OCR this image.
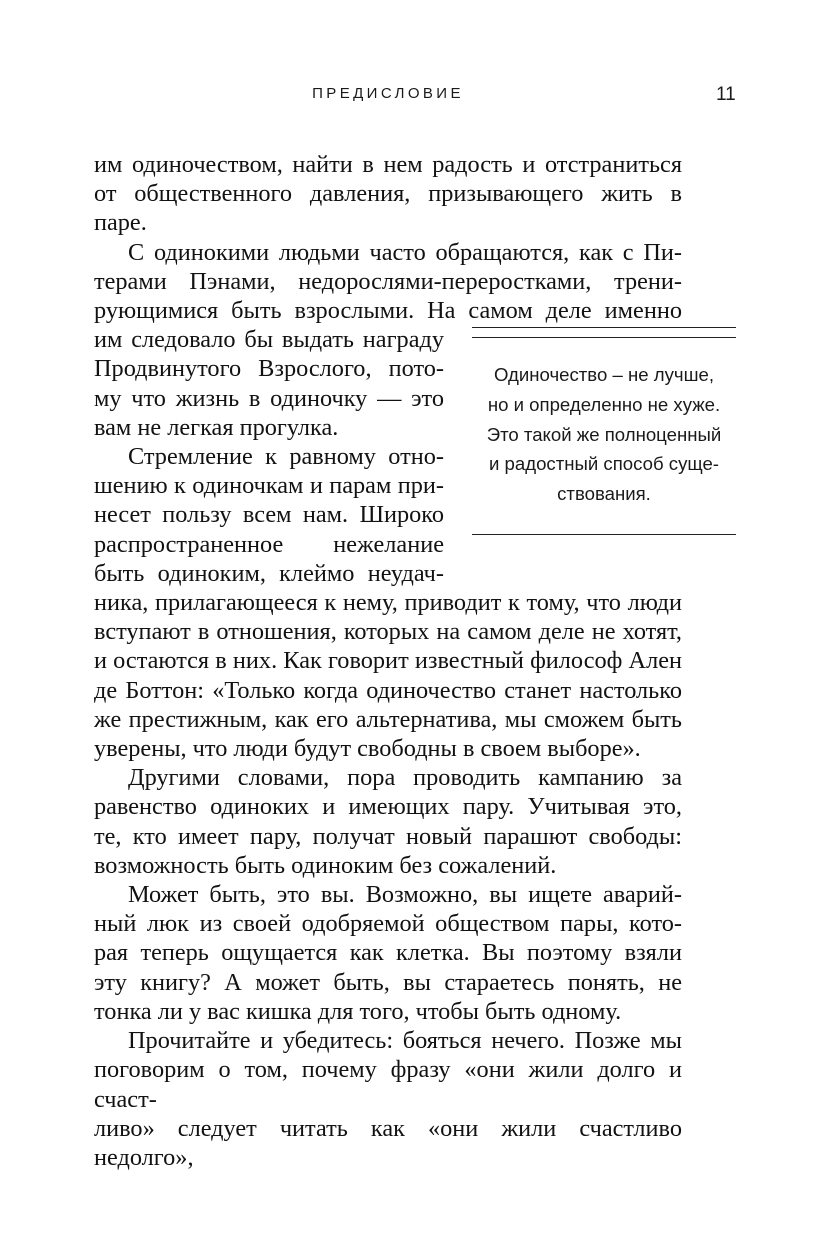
ПРЕДИСЛОВИЕ	11
им одиночеством, найти в нем радость и отстраниться
от общественного давления, призывающего жить в паре.
С одинокими людьми часто обращаются, как с Пи-
терами Пэнами, недорослями-переростками, трени-
рующимися быть взрослыми. На самом деле именно
им следовало бы выдать награду
Продвинутого Взрослого, пото-
му что жизнь в одиночку — это
вам не легкая прогулка.
Стремление к равному отно-
шению к одиночкам и парам при-
несет пользу всем нам. Широко
распространенное нежелание
быть одиноким, клеймо неудач-
ника, прилагающееся к нему, приводит к тому, что люди
вступают в отношения, которых на самом деле не хотят,
и остаются в них. Как говорит известный философ Ален
де Боттон: «Только когда одиночество станет настолько
же престижным, как его альтернатива, мы сможем быть
уверены, что люди будут свободны в своем выборе».
Другими словами, пора проводить кампанию за
равенство одиноких и имеющих пару. Учитывая это,
те, кто имеет пару, получат новый парашют свободы:
возможность быть одиноким без сожалений.
Может быть, это вы. Возможно, вы ищете аварий-
ный люк из своей одобряемой обществом пары, кото-
рая теперь ощущается как клетка. Вы поэтому взяли
эту книгу? А может быть, вы стараетесь понять, не
тонка ли у вас кишка для того, чтобы быть одному.
Прочитайте и убедитесь: бояться нечего. Позже мы
поговорим о том, почему фразу «они жили долго и счаст-
ливо» следует читать как «они жили счастливо недолго»,
Одиночество – не лучше,
но и определенно не хуже.
Это такой же полноценный
и радостный способ суще-
ствования.
